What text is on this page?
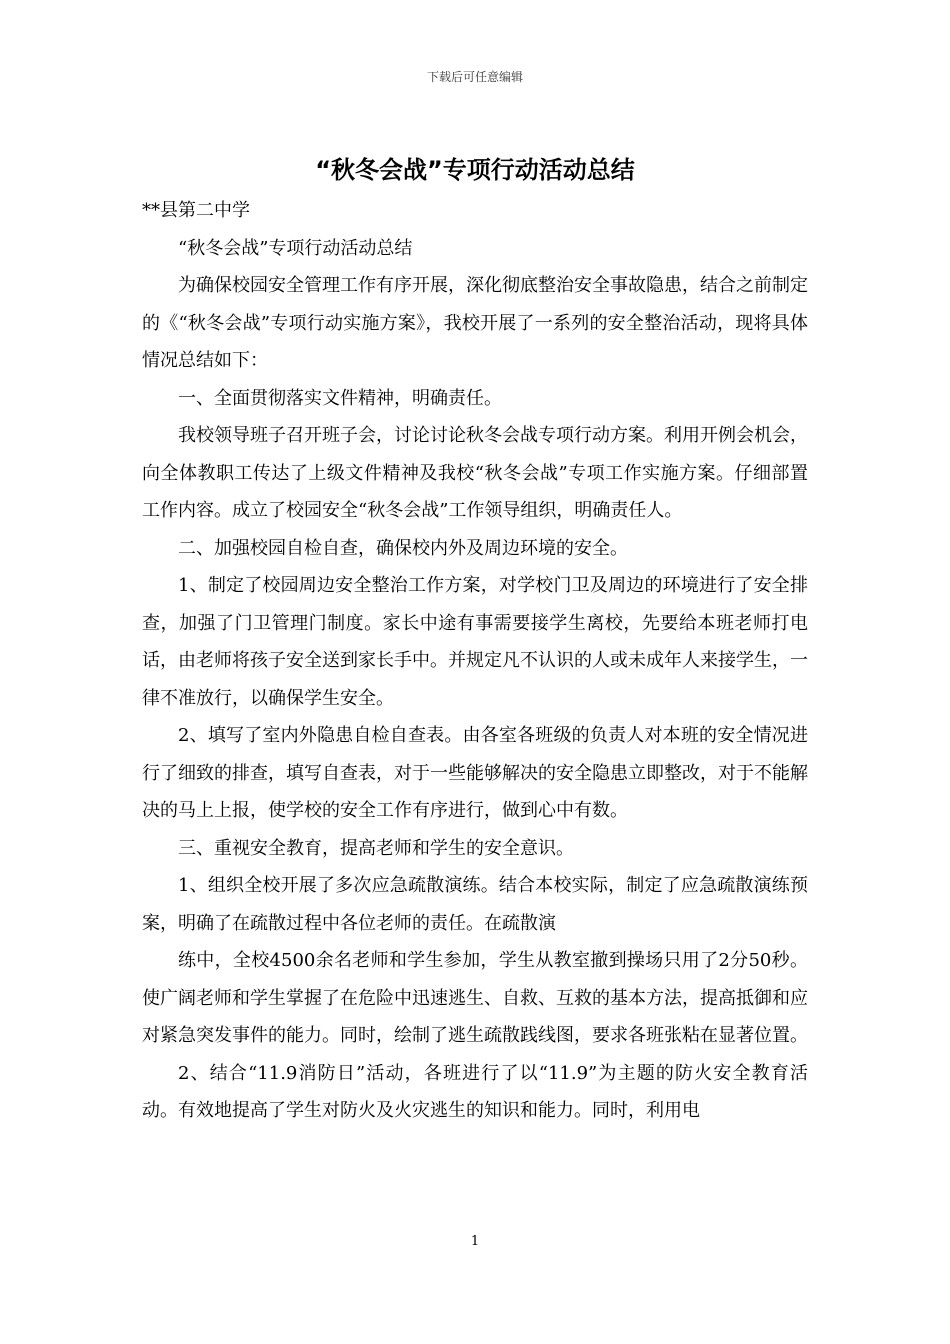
下载后可任意编辑
“秋冬会战”专项行动活动总结

**县第二中学

“秋冬会战”专项行动活动总结

为确保校园安全管理工作有序开展，深化彻底整治安全事故隐患，结合之前制定的《“秋冬会战”专项行动实施方案》，我校开展了一系列的安全整治活动，现将具体情况总结如下：

一、全面贯彻落实文件精神，明确责任。

我校领导班子召开班子会，讨论讨论秋冬会战专项行动方案。利用开例会机会，向全体教职工传达了上级文件精神及我校“秋冬会战”专项工作实施方案。仔细部置工作内容。成立了校园安全“秋冬会战”工作领导组织，明确责任人。

二、加强校园自检自查，确保校内外及周边环境的安全。

1、制定了校园周边安全整治工作方案，对学校门卫及周边的环境进行了安全排查，加强了门卫管理门制度。家长中途有事需要接学生离校，先要给本班老师打电话，由老师将孩子安全送到家长手中。并规定凡不认识的人或未成年人来接学生，一律不准放行，以确保学生安全。

2、填写了室内外隐患自检自查表。由各室各班级的负责人对本班的安全情况进行了细致的排查，填写自查表，对于一些能够解决的安全隐患立即整改，对于不能解决的马上上报，使学校的安全工作有序进行，做到心中有数。

三、重视安全教育，提高老师和学生的安全意识。

1、组织全校开展了多次应急疏散演练。结合本校实际，制定了应急疏散演练预案，明确了在疏散过程中各位老师的责任。在疏散演

练中，全校4500余名老师和学生参加，学生从教室撤到操场只用了2分50秒。使广阔老师和学生掌握了在危险中迅速逃生、自救、互救的基本方法，提高抵御和应对紧急突发事件的能力。同时，绘制了逃生疏散践线图，要求各班张粘在显著位置。

2、结合“11.9消防日”活动，各班进行了以“11.9”为主题的防火安全教育活动。有效地提高了学生对防火及火灾逃生的知识和能力。同时，利用电

1
